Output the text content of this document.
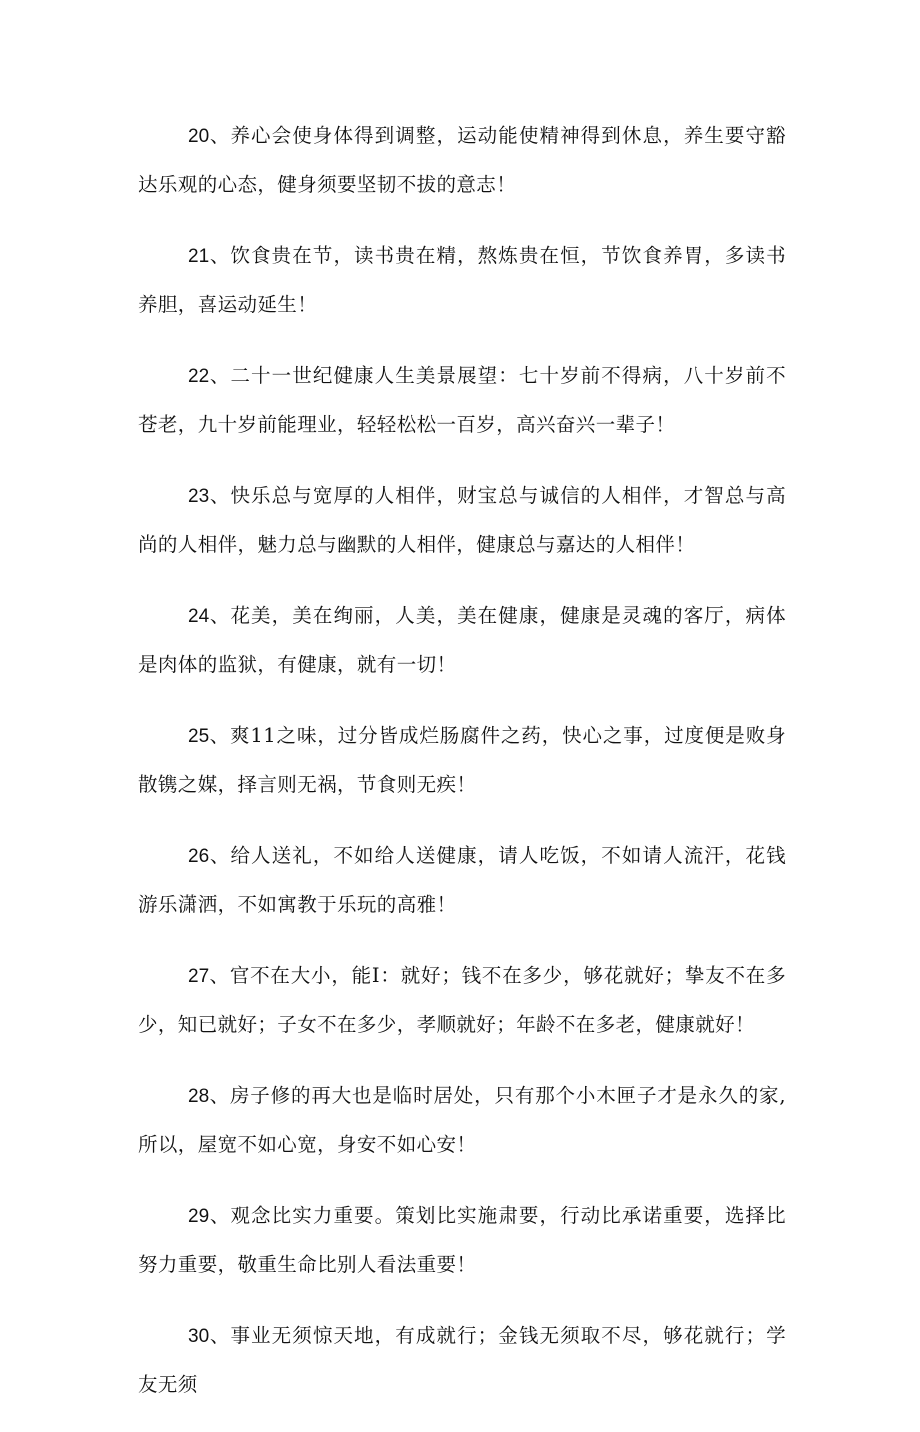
20、养心会使身体得到调整，运动能使精神得到休息，养生要守豁达乐观的心态，健身须要坚韧不拔的意志！

21、饮食贵在节，读书贵在精，熬炼贵在恒，节饮食养胃，多读书养胆，喜运动延生！

22、二十一世纪健康人生美景展望：七十岁前不得病，八十岁前不苍老，九十岁前能理业，轻轻松松一百岁，高兴奋兴一辈子！

23、快乐总与宽厚的人相伴，财宝总与诚信的人相伴，才智总与高尚的人相伴，魅力总与幽默的人相伴，健康总与嘉达的人相伴！

24、花美，美在绚丽，人美，美在健康，健康是灵魂的客厅，病体是肉体的监狱，有健康，就有一切！

25、爽11之味，过分皆成烂肠腐件之药，快心之事，过度便是败身散镌之媒，择言则无祸，节食则无疾！

26、给人送礼，不如给人送健康，请人吃饭，不如请人流汗，花钱游乐潇洒，不如寓教于乐玩的高雅！

27、官不在大小，能I：就好；钱不在多少，够花就好；挚友不在多少，知已就好；子女不在多少，孝顺就好；年龄不在多老，健康就好！

28、房子修的再大也是临时居处，只有那个小木匣子才是永久的家,所以，屋宽不如心宽，身安不如心安！

29、观念比实力重要。策划比实施肃要，行动比承诺重要，选择比努力重要，敬重生命比别人看法重要！

30、事业无须惊天地，有成就行；金钱无须取不尽，够花就行；学友无须
